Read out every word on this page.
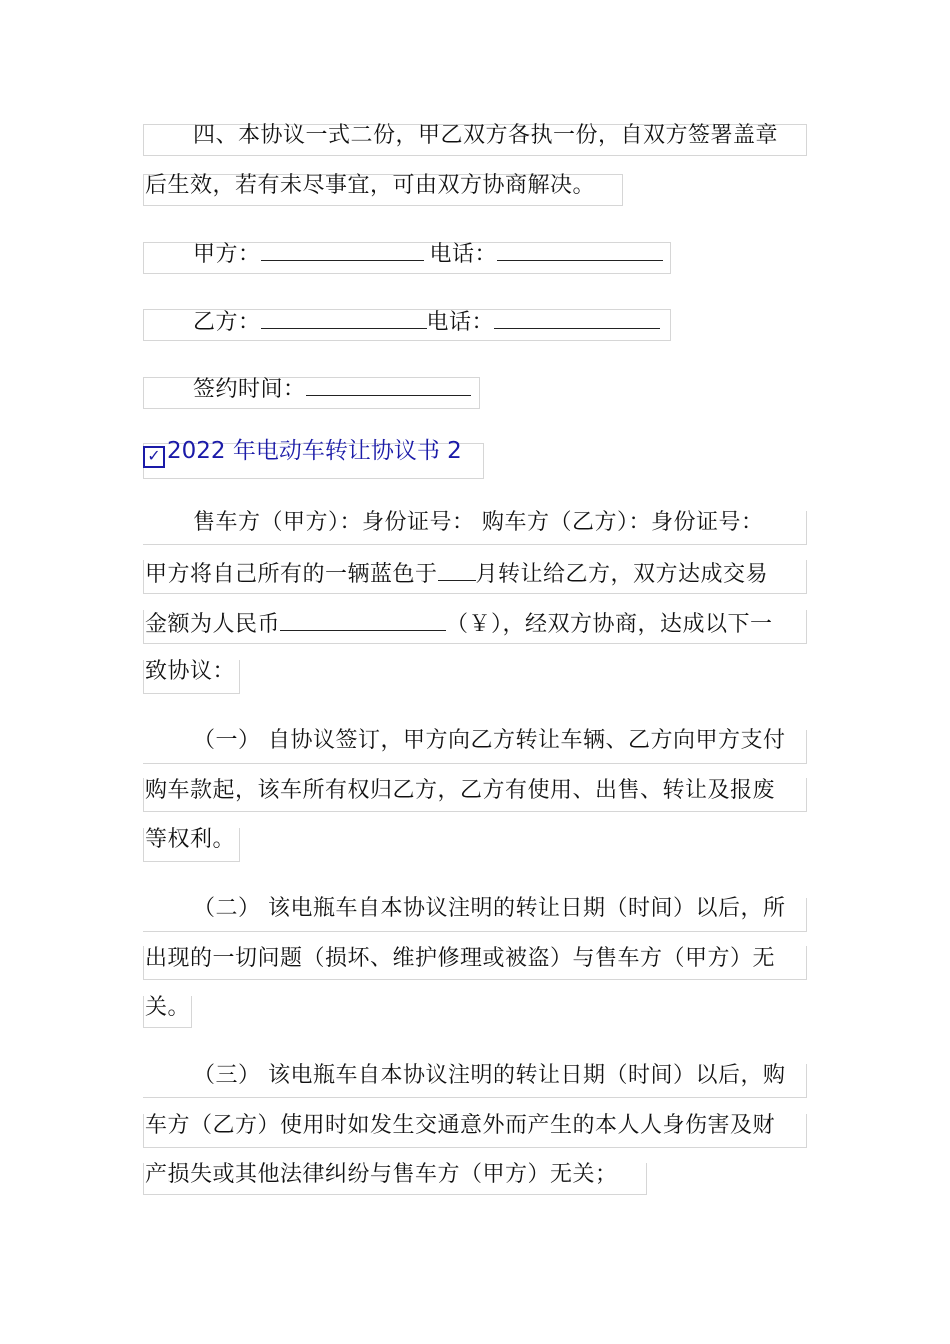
四、本协议一式二份，甲乙双方各执一份，自双方签署盖章
后生效，若有未尽事宜，可由双方协商解决。
甲方：	电话：
乙方：	电话：
签约时间：
✓ 2022 年电动车转让协议书 2
售车方（甲方）：身份证号： 购车方（乙方）：身份证号：
甲方将自己所有的一辆蓝色于 月转让给乙方，双方达成交易
金额为人民币	（￥），经双方协商，达成以下一
致协议：
（一） 自协议签订，甲方向乙方转让车辆、乙方向甲方支付
购车款起，该车所有权归乙方，乙方有使用、出售、转让及报废
等权利。
（二） 该电瓶车自本协议注明的转让日期（时间）以后，所
出现的一切问题（损坏、维护修理或被盗）与售车方（甲方）无
关。
（三） 该电瓶车自本协议注明的转让日期（时间）以后，购
车方（乙方）使用时如发生交通意外而产生的本人人身伤害及财
产损失或其他法律纠纷与售车方（甲方）无关；
